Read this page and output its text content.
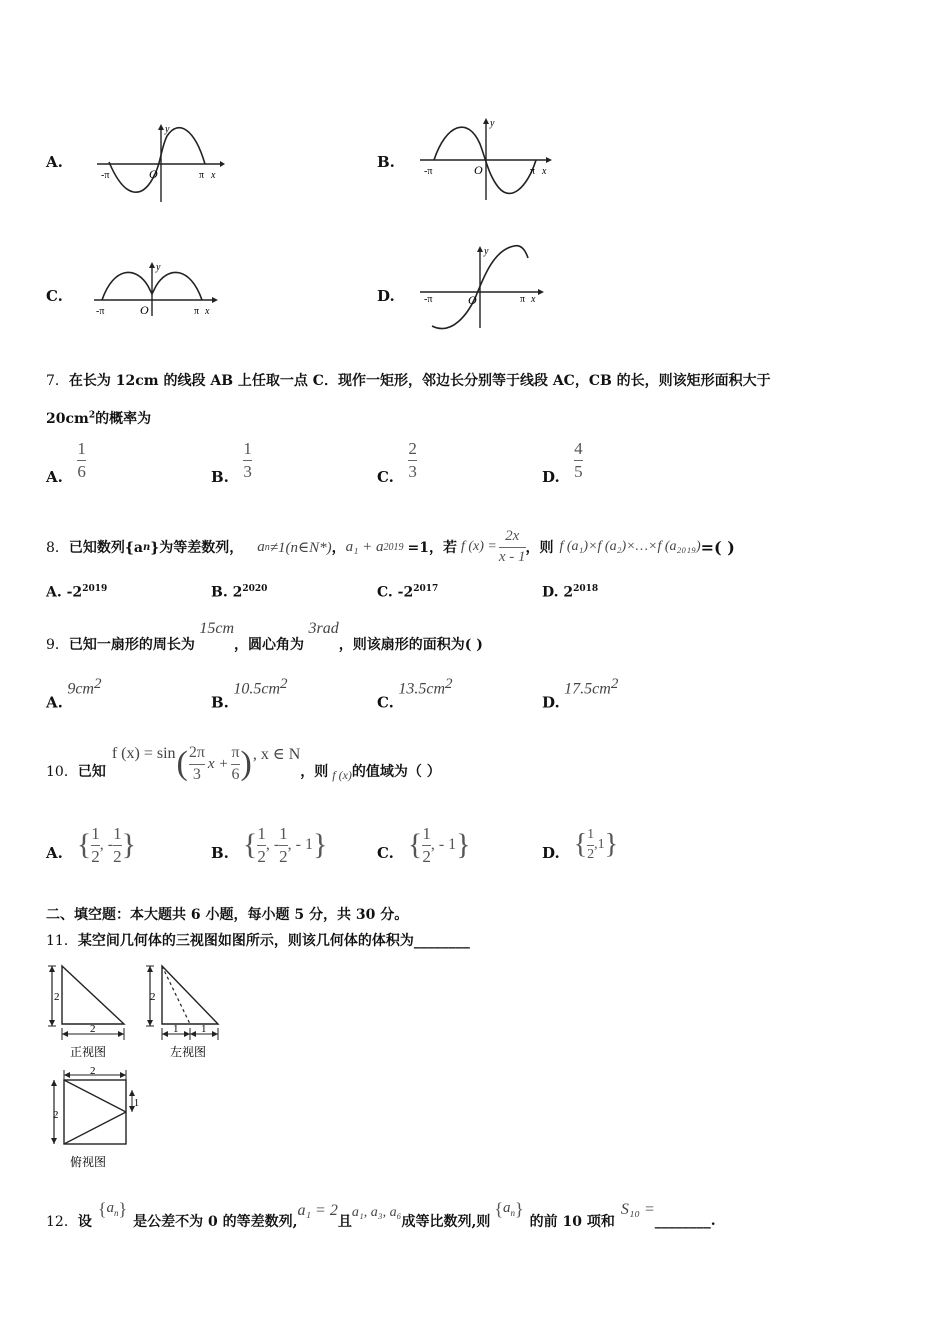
A.
y
-π	O	π x
B.
y
-π	O	π x
C.
y
-π	O	π x
D.
y
-π	O	π x
7．在长为 12cm 的线段 AB 上任取一点 C．现作一矩形，邻边长分别等于线段 AC，CB 的长，则该矩形面积大于
$20cm^2$的概率为
A. $\frac{1}{6}$	B. $\frac{1}{3}$	C. $\frac{2}{3}$	D. $\frac{4}{5}$
8． 已知数列{a n }为等差数列， a n ≠1(n∈N*) ， a₁ + a 2019 =1，若 f $(x) = \frac{2x}{x - 1}$ ，则 f (a₁)×f (a₂)×…×f (a₂₀₁₉) =( )
A. $-2^{2019}$	B. $2^{2020}$	C. $-2^{2017}$	D. $2^{2018}$
9．已知一扇形的周长为 15cm，圆心角为 3rad，则该扇形的面积为( )
A. $9cm^2$
B. $10.5cm^2$
C. $13.5cm^2$
D. $17.5cm^2$
10． 已知
f (x) = sin ( $\frac{2\pi}{3}$ $x + \frac{\pi}{6}$ ) , x ∈ N
，则 f (x) 的值域为（ ）
A. { $\frac{1}{2}$ , - $\frac{1}{2}$ }	B. { $\frac{1}{2}$ , - $\frac{1}{2}$ , - 1 }	C. { $\frac{1}{2}$ , - 1 }	D. { $\frac{1}{2} ,1$ }
二、填空题：本大题共 6 小题，每小题 5 分，共 30 分。
11．某空间几何体的三视图如图所示，则该几何体的体积为________
2
2
正视图
2
1 1
左视图
2
2
1
俯视图
12． 设
{ $a_n$ }
是公差不为 0 的等差数列,
a₁ = 2
且
a₁, a₃, a₆
成等比数列,则
{ $a_n$ }
的前 10 项和
S₁₀ =
________.
